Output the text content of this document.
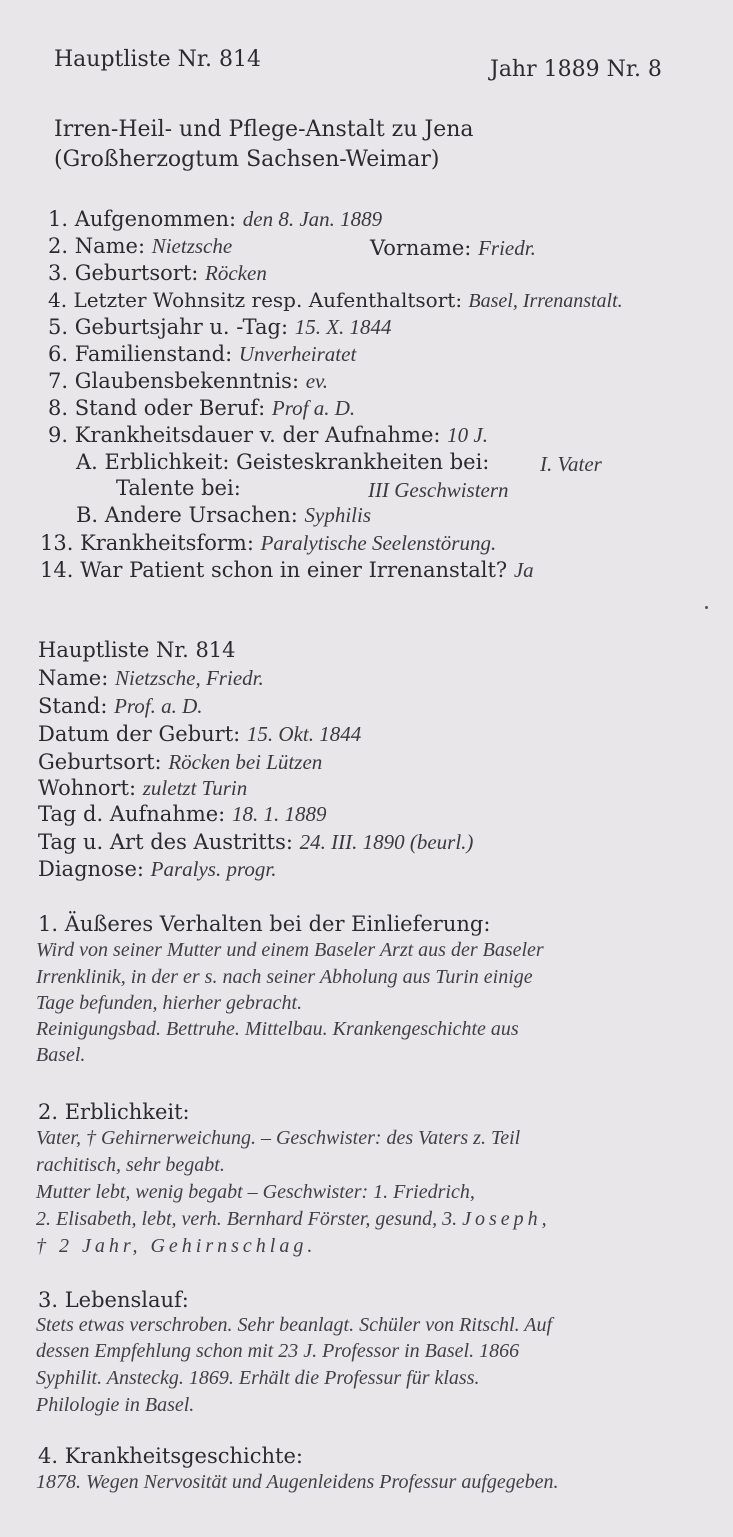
Hauptliste Nr. 814	Jahr 1889 Nr. 8
Irren-Heil- und Pflege-Anstalt zu Jena
(Großherzogtum Sachsen-Weimar)
1. Aufgenommen: den 8. Jan. 1889
2. Name: Nietzsche	Vorname: Friedr.
3. Geburtsort: Röcken
4. Letzter Wohnsitz resp. Aufenthaltsort: Basel, Irrenanstalt.
5. Geburtsjahr u. -Tag: 15. X. 1844
6. Familienstand: Unverheiratet
7. Glaubensbekenntnis: ev.
8. Stand oder Beruf: Prof a. D.
9. Krankheitsdauer v. der Aufnahme: 10 J.
A. Erblichkeit: Geisteskrankheiten bei: I. Vater
Talente bei:	III Geschwistern
B. Andere Ursachen: Syphilis
13. Krankheitsform: Paralytische Seelenstörung.
14. War Patient schon in einer Irrenanstalt? Ja
Hauptliste Nr. 814
Name: Nietzsche, Friedr.
Stand: Prof. a. D.
Datum der Geburt: 15. Okt. 1844
Geburtsort: Röcken bei Lützen
Wohnort: zuletzt Turin
Tag d. Aufnahme: 18. 1. 1889
Tag u. Art des Austritts: 24. III. 1890 (beurl.)
Diagnose: Paralys. progr.
1. Äußeres Verhalten bei der Einlieferung:
Wird von seiner Mutter und einem Baseler Arzt aus der Baseler
Irrenklinik, in der er s. nach seiner Abholung aus Turin einige
Tage befunden, hierher gebracht.
Reinigungsbad. Bettruhe. Mittelbau. Krankengeschichte aus
Basel.
2. Erblichkeit:
Vater, † Gehirnerweichung. – Geschwister: des Vaters z. Teil
rachitisch, sehr begabt.
Mutter lebt, wenig begabt – Geschwister: 1. Friedrich,
2. Elisabeth, lebt, verh. Bernhard Förster, gesund, 3. Joseph,
† 2 Jahr, Gehirnschlag.
3. Lebenslauf:
Stets etwas verschroben. Sehr beanlagt. Schüler von Ritschl. Auf
dessen Empfehlung schon mit 23 J. Professor in Basel. 1866
Syphilit. Ansteckg. 1869. Erhält die Professur für klass.
Philologie in Basel.
4. Krankheitsgeschichte:
1878. Wegen Nervosität und Augenleidens Professur aufgegeben.
